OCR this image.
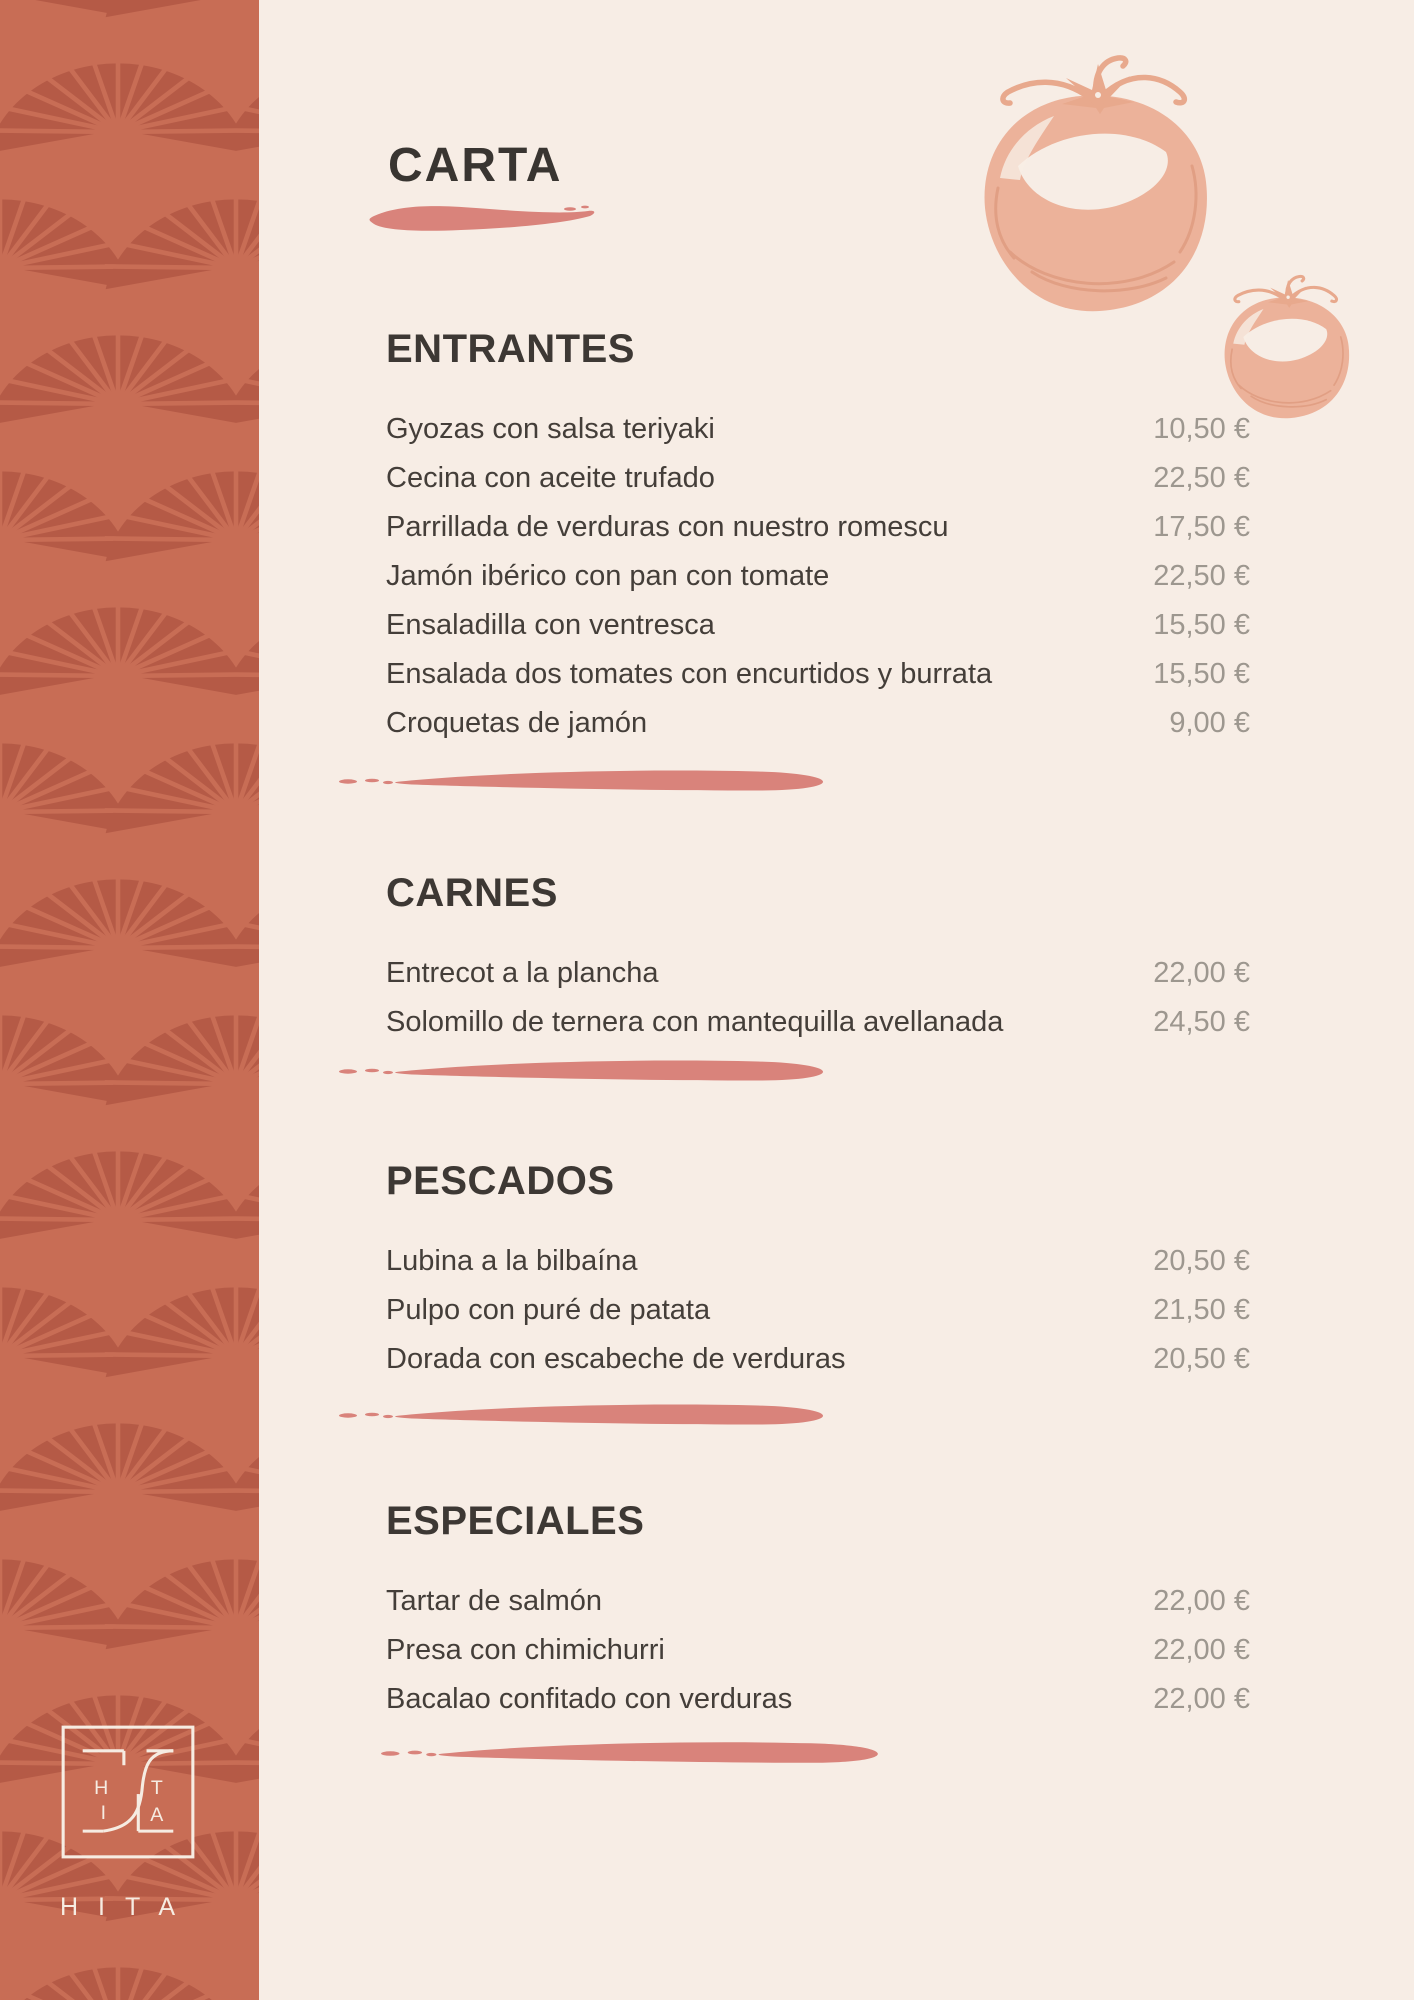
CARTA
ENTRANTES
Gyozas con salsa teriyaki	10,50 €
Cecina con aceite trufado	22,50 €
Parrillada de verduras con nuestro romescu	17,50 €
Jamón ibérico con pan con tomate	22,50 €
Ensaladilla con ventresca	15,50 €
Ensalada dos tomates con encurtidos y burrata	15,50 €
Croquetas de jamón	9,00 €
CARNES
Entrecot a la plancha	22,00 €
Solomillo de ternera con mantequilla avellanada	24,50 €
PESCADOS
Lubina a la bilbaína	20,50 €
Pulpo con puré de patata	21,50 €
Dorada con escabeche de verduras	20,50 €
ESPECIALES
Tartar de salmón	22,00 €
Presa con chimichurri	22,00 €
Bacalao confitado con verduras	22,00 €
H
I
T
A
HITA
